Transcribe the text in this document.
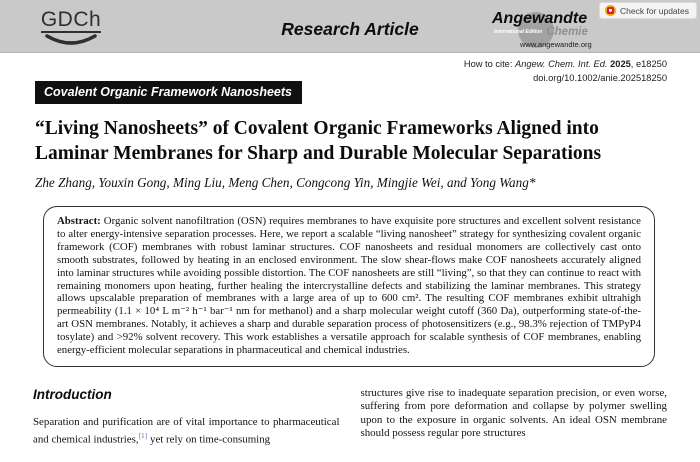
Check for updates
GDCh	Research Article
Angewandte
International Edition Chemie
www.angewandte.org
How to cite: Angew. Chem. Int. Ed. 2025, e18250
doi.org/10.1002/anie.202518250
Covalent Organic Framework Nanosheets
“Living Nanosheets” of Covalent Organic Frameworks Aligned into Laminar Membranes for Sharp and Durable Molecular Separations
Zhe Zhang, Youxin Gong, Ming Liu, Meng Chen, Congcong Yin, Mingjie Wei, and Yong Wang*

Abstract: Organic solvent nanofiltration (OSN) requires membranes to have exquisite pore structures and excellent solvent resistance to alter energy-intensive separation processes. Here, we report a scalable “living nanosheet” strategy for synthesizing covalent organic framework (COF) membranes with robust laminar structures. COF nanosheets and residual monomers are collectively cast onto smooth substrates, followed by heating in an enclosed environment. The slow shear-flows make COF nanosheets accurately aligned into laminar structures while avoiding possible distortion. The COF nanosheets are still “living”, so that they can continue to react with remaining monomers upon heating, further healing the intercrystalline defects and stabilizing the laminar membranes. This strategy allows upscalable preparation of membranes with a large area of up to 600 cm². The resulting COF membranes exhibit ultrahigh permeability (1.1 × 10⁴ L m⁻² h⁻¹ bar⁻¹ nm for methanol) and a sharp molecular weight cutoff (360 Da), outperforming state-of-the-art OSN membranes. Notably, it achieves a sharp and durable separation process of photosensitizers (e.g., 98.3% rejection of TMPyP4 tosylate) and >92% solvent recovery. This work establishes a versatile approach for scalable synthesis of COF membranes, enabling energy-efficient molecular separations in pharmaceutical and chemical industries.

Introduction

Separation and purification are of vital importance to pharmaceutical and chemical industries,[1] yet rely on time-consuming

structures give rise to inadequate separation precision, or even worse, suffering from pore deformation and collapse by polymer swelling upon to the exposure in organic solvents. An ideal OSN membrane should possess regular pore structures
